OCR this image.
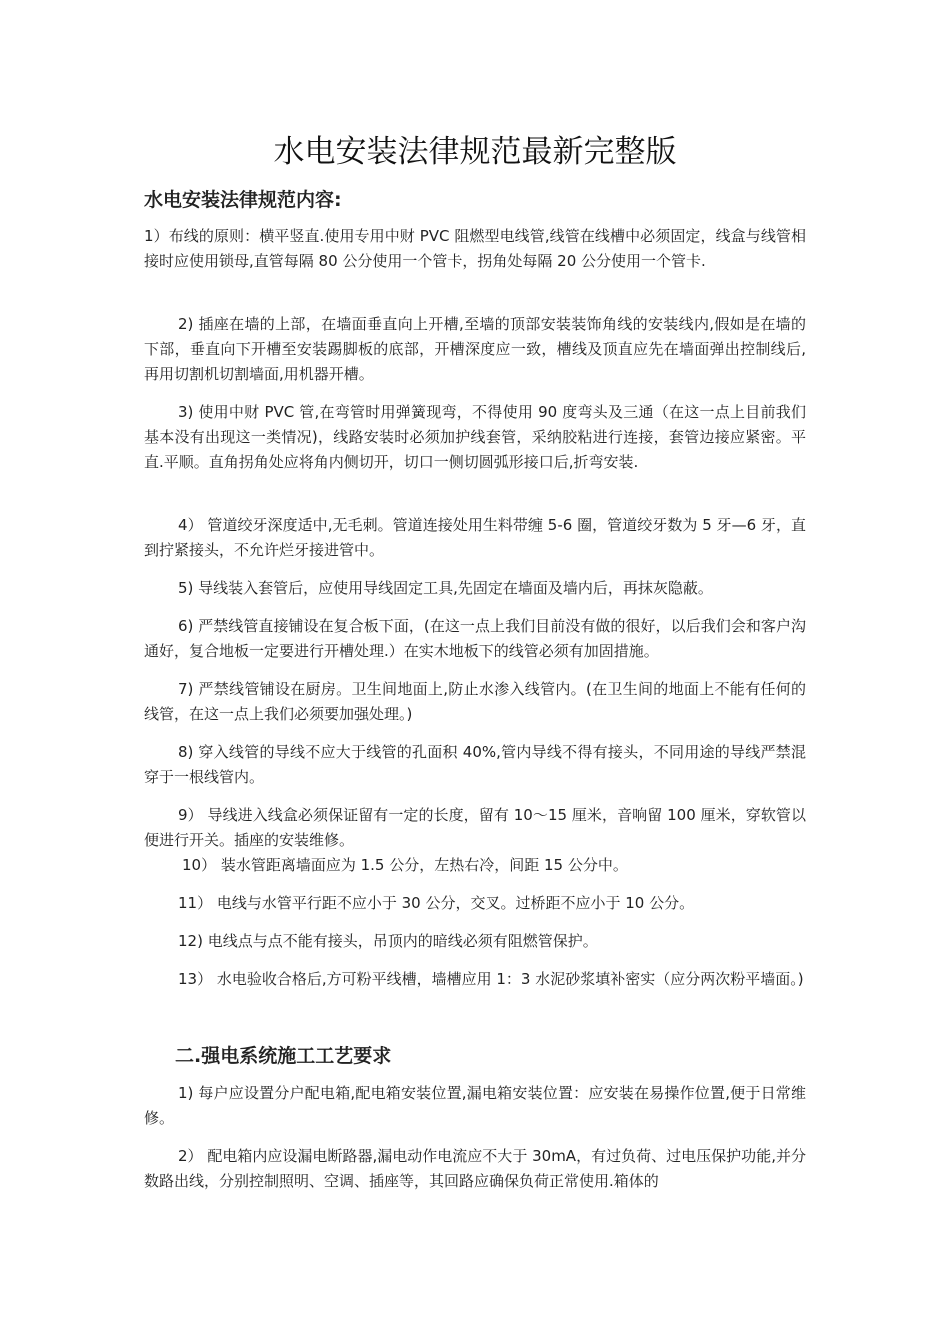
水电安装法律规范最新完整版
水电安装法律规范内容:

1）布线的原则：横平竖直.使用专用中财 PVC 阻燃型电线管,线管在线槽中必须固定，线盒与线管相接时应使用锁母,直管每隔 80 公分使用一个管卡，拐角处每隔 20 公分使用一个管卡.

2) 插座在墙的上部，在墙面垂直向上开槽,至墙的顶部安装装饰角线的安装线内,假如是在墙的下部，垂直向下开槽至安装踢脚板的底部，开槽深度应一致，槽线及顶直应先在墙面弹出控制线后,再用切割机切割墙面,用机器开槽。

3) 使用中财 PVC 管,在弯管时用弹簧现弯，不得使用 90 度弯头及三通（在这一点上目前我们基本没有出现这一类情况)，线路安装时必须加护线套管，采纳胶粘进行连接，套管边接应紧密。平直.平顺。直角拐角处应将角内侧切开，切口一侧切圆弧形接口后,折弯安装.

4） 管道绞牙深度适中,无毛刺。管道连接处用生料带缠 5-6 圈，管道绞牙数为 5 牙—6 牙，直到拧紧接头，不允许烂牙接进管中。

5) 导线装入套管后，应使用导线固定工具,先固定在墙面及墙内后，再抹灰隐蔽。

6) 严禁线管直接铺设在复合板下面，(在这一点上我们目前没有做的很好，以后我们会和客户沟通好，复合地板一定要进行开槽处理.）在实木地板下的线管必须有加固措施。

7) 严禁线管铺设在厨房。卫生间地面上,防止水渗入线管内。(在卫生间的地面上不能有任何的线管，在这一点上我们必须要加强处理。)

8) 穿入线管的导线不应大于线管的孔面积 40%,管内导线不得有接头，不同用途的导线严禁混穿于一根线管内。

9） 导线进入线盒必须保证留有一定的长度，留有 10～15 厘米，音响留 100 厘米，穿软管以便进行开关。插座的安装维修。

10） 装水管距离墙面应为 1.5 公分，左热右冷，间距 15 公分中。

11） 电线与水管平行距不应小于 30 公分，交叉。过桥距不应小于 10 公分。

12) 电线点与点不能有接头，吊顶内的暗线必须有阻燃管保护。

13） 水电验收合格后,方可粉平线槽，墙槽应用 1：3 水泥砂浆填补密实（应分两次粉平墙面。)

二.强电系统施工工艺要求

1) 每户应设置分户配电箱,配电箱安装位置,漏电箱安装位置：应安装在易操作位置,便于日常维修。

2） 配电箱内应设漏电断路器,漏电动作电流应不大于 30mA，有过负荷、过电压保护功能,并分数路出线，分别控制照明、空调、插座等，其回路应确保负荷正常使用.箱体的
